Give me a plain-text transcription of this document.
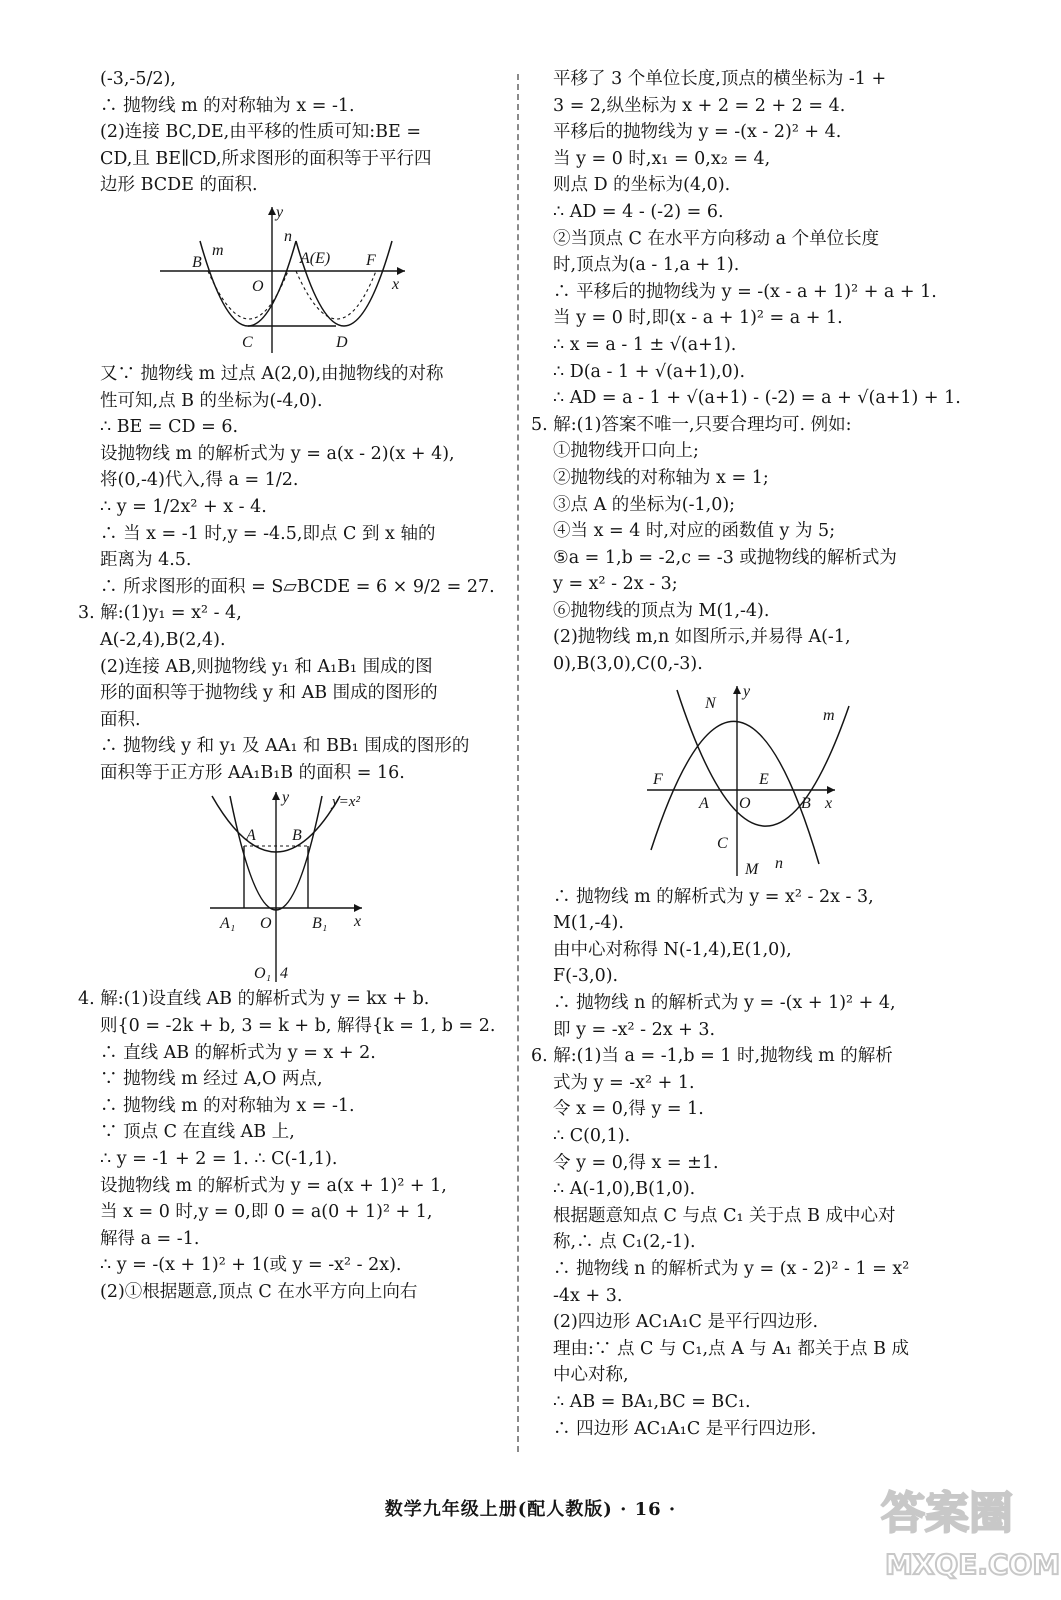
(-3,-5/2),
∴ 抛物线 m 的对称轴为 x = -1.
(2)连接 BC,DE,由平移的性质可知:BE =
CD,且 BE∥CD,所求图形的面积等于平行四
边形 BCDE 的面积.
y
m
n
B
O
A(E) F
x
C	D
又∵ 抛物线 m 过点 A(2,0),由抛物线的对称
性可知,点 B 的坐标为(-4,0).
∴ BE = CD = 6.
设抛物线 m 的解析式为 y = a(x - 2)(x + 4),
将(0,-4)代入,得 a = 1/2.
∴ y = 1/2x² + x - 4.
∴ 当 x = -1 时,y = -4.5,即点 C 到 x 轴的
距离为 4.5.
∴ 所求图形的面积 = S▱BCDE = 6 × 9/2 = 27.
3. 解:(1)y₁ = x² - 4,
A(-2,4),B(2,4).
(2)连接 AB,则抛物线 y₁ 和 A₁B₁ 围成的图
形的面积等于抛物线 y 和 AB 围成的图形的
面积.
∴ 抛物线 y 和 y₁ 及 AA₁ 和 BB₁ 围成的图形的
面积等于正方形 AA₁B₁B 的面积 = 16.
y	y=x²
A B
A₁ O	B₁ x
O₁ 4
4. 解:(1)设直线 AB 的解析式为 y = kx + b.
则{0 = -2k + b, 3 = k + b, 解得{k = 1, b = 2.
∴ 直线 AB 的解析式为 y = x + 2.
∵ 抛物线 m 经过 A,O 两点,
∴ 抛物线 m 的对称轴为 x = -1.
∵ 顶点 C 在直线 AB 上,
∴ y = -1 + 2 = 1. ∴ C(-1,1).
设抛物线 m 的解析式为 y = a(x + 1)² + 1,
当 x = 0 时,y = 0,即 0 = a(0 + 1)² + 1,
解得 a = -1.
∴ y = -(x + 1)² + 1(或 y = -x² - 2x).
(2)①根据题意,顶点 C 在水平方向上向右
平移了 3 个单位长度,顶点的横坐标为 -1 +
3 = 2,纵坐标为 x + 2 = 2 + 2 = 4.
平移后的抛物线为 y = -(x - 2)² + 4.
当 y = 0 时,x₁ = 0,x₂ = 4,
则点 D 的坐标为(4,0).
∴ AD = 4 - (-2) = 6.
②当顶点 C 在水平方向移动 a 个单位长度
时,顶点为(a - 1,a + 1).
∴ 平移后的抛物线为 y = -(x - a + 1)² + a + 1.
当 y = 0 时,即(x - a + 1)² = a + 1.
∴ x = a - 1 ± √(a+1).
∴ D(a - 1 + √(a+1),0).
∴ AD = a - 1 + √(a+1) - (-2) = a + √(a+1) + 1.
5. 解:(1)答案不唯一,只要合理均可. 例如:
①抛物线开口向上;
②抛物线的对称轴为 x = 1;
③点 A 的坐标为(-1,0);
④当 x = 4 时,对应的函数值 y 为 5;
⑤a = 1,b = -2,c = -3 或抛物线的解析式为
y = x² - 2x - 3;
⑥抛物线的顶点为 M(1,-4).
(2)抛物线 m,n 如图所示,并易得 A(-1,
0),B(3,0),C(0,-3).
N
y
m
F	E
A O	B x
C
n
M
∴ 抛物线 m 的解析式为 y = x² - 2x - 3,
M(1,-4).
由中心对称得 N(-1,4),E(1,0),
F(-3,0).
∴ 抛物线 n 的解析式为 y = -(x + 1)² + 4,
即 y = -x² - 2x + 3.
6. 解:(1)当 a = -1,b = 1 时,抛物线 m 的解析
式为 y = -x² + 1.
令 x = 0,得 y = 1.
∴ C(0,1).
令 y = 0,得 x = ±1.
∴ A(-1,0),B(1,0).
根据题意知点 C 与点 C₁ 关于点 B 成中心对
称,∴ 点 C₁(2,-1).
∴ 抛物线 n 的解析式为 y = (x - 2)² - 1 = x²
-4x + 3.
(2)四边形 AC₁A₁C 是平行四边形.
理由:∵ 点 C 与 C₁,点 A 与 A₁ 都关于点 B 成
中心对称,
∴ AB = BA₁,BC = BC₁.
∴ 四边形 AC₁A₁C 是平行四边形.
数学九年级上册(配人教版) · 16 ·	答案圈
MXQE.COM
